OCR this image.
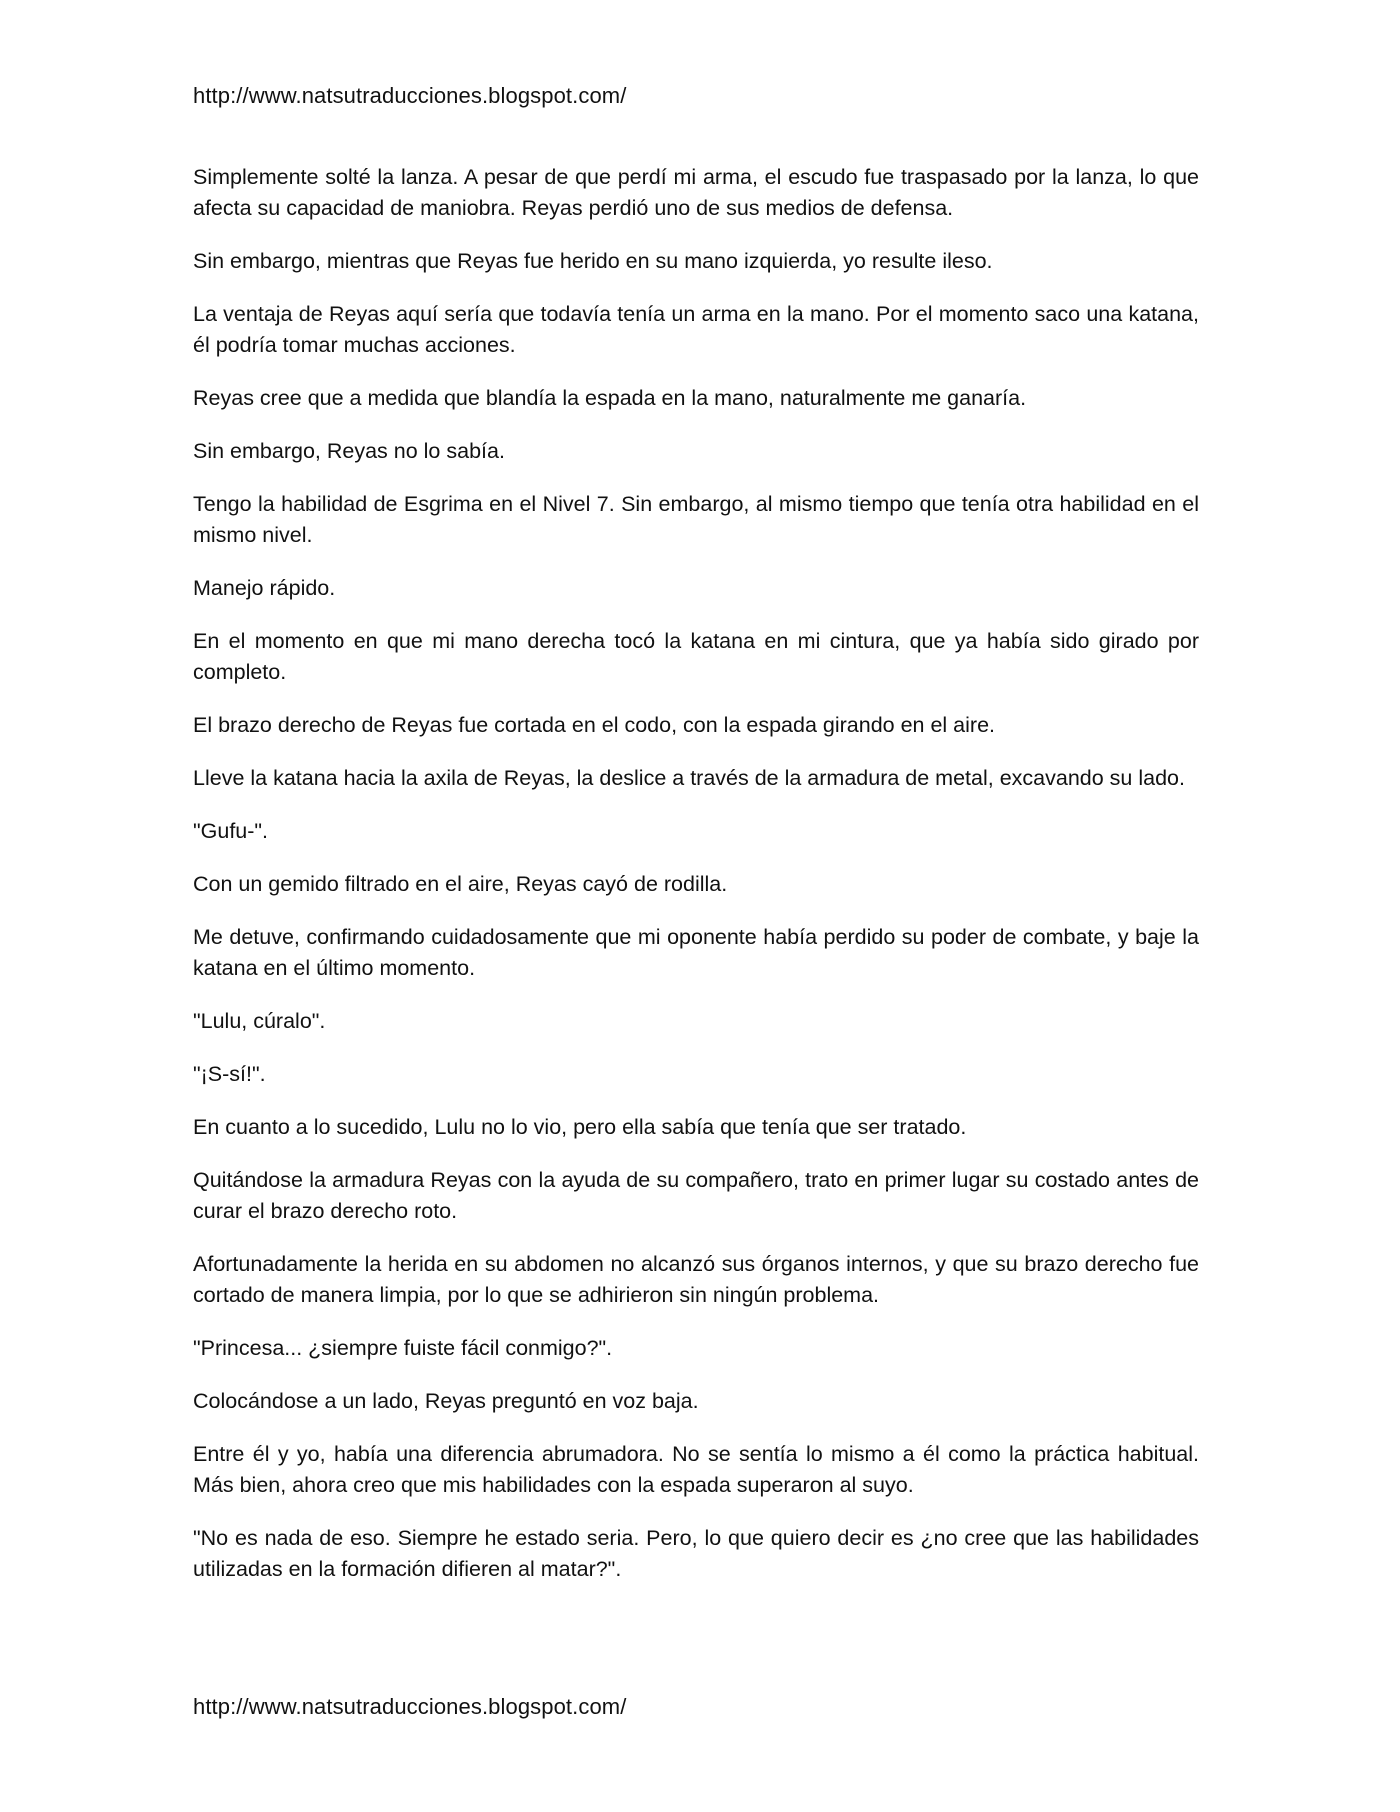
http://www.natsutraducciones.blogspot.com/

Simplemente solté la lanza. A pesar de que perdí mi arma, el escudo fue traspasado por la lanza, lo que afecta su capacidad de maniobra. Reyas perdió uno de sus medios de defensa.

Sin embargo, mientras que Reyas fue herido en su mano izquierda, yo resulte ileso.

La ventaja de Reyas aquí sería que todavía tenía un arma en la mano. Por el momento saco una katana, él podría tomar muchas acciones.

Reyas cree que a medida que blandía la espada en la mano, naturalmente me ganaría.

Sin embargo, Reyas no lo sabía.

Tengo la habilidad de Esgrima en el Nivel 7. Sin embargo, al mismo tiempo que tenía otra habilidad en el mismo nivel.

Manejo rápido.

En el momento en que mi mano derecha tocó la katana en mi cintura, que ya había sido girado por completo.

El brazo derecho de Reyas fue cortada en el codo, con la espada girando en el aire.

Lleve la katana hacia la axila de Reyas, la deslice a través de la armadura de metal, excavando su lado.

"Gufu-".

Con un gemido filtrado en el aire, Reyas cayó de rodilla.

Me detuve, confirmando cuidadosamente que mi oponente había perdido su poder de combate, y baje la katana en el último momento.

"Lulu, cúralo".

"¡S-sí!".

En cuanto a lo sucedido, Lulu no lo vio, pero ella sabía que tenía que ser tratado.

Quitándose la armadura Reyas con la ayuda de su compañero, trato en primer lugar su costado antes de curar el brazo derecho roto.

Afortunadamente la herida en su abdomen no alcanzó sus órganos internos, y que su brazo derecho fue cortado de manera limpia, por lo que se adhirieron sin ningún problema.

"Princesa... ¿siempre fuiste fácil conmigo?".

Colocándose a un lado, Reyas preguntó en voz baja.

Entre él y yo, había una diferencia abrumadora. No se sentía lo mismo a él como la práctica habitual. Más bien, ahora creo que mis habilidades con la espada superaron al suyo.

"No es nada de eso. Siempre he estado seria. Pero, lo que quiero decir es ¿no cree que las habilidades utilizadas en la formación difieren al matar?".

http://www.natsutraducciones.blogspot.com/
